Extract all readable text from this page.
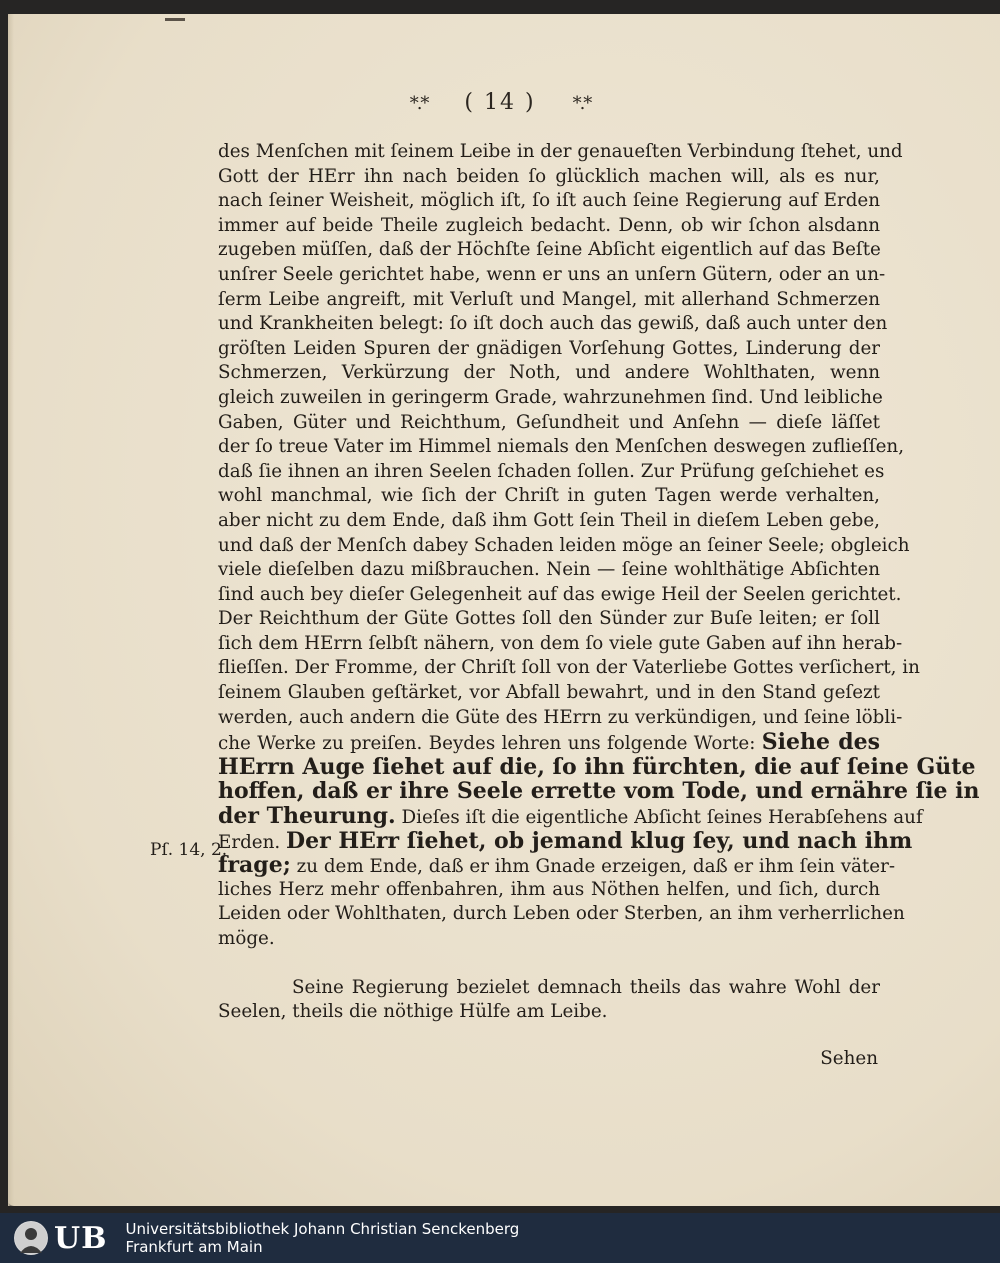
*.* ( 14 ) *.*
des Menſchen mit ſeinem Leibe in der genaueſten Verbindung ſtehet, und
Gott der HErr ihn nach beiden ſo glücklich machen will, als es nur,
nach ſeiner Weisheit, möglich iſt, ſo iſt auch ſeine Regierung auf Erden
immer auf beide Theile zugleich bedacht. Denn, ob wir ſchon alsdann
zugeben müſſen, daß der Höchſte ſeine Abſicht eigentlich auf das Beſte
unſrer Seele gerichtet habe, wenn er uns an unſern Gütern, oder an un-
ſerm Leibe angreift, mit Verluſt und Mangel, mit allerhand Schmerzen
und Krankheiten belegt: ſo iſt doch auch das gewiß, daß auch unter den
gröſten Leiden Spuren der gnädigen Vorſehung Gottes, Linderung der
Schmerzen, Verkürzung der Noth, und andere Wohlthaten, wenn
gleich zuweilen in geringerm Grade, wahrzunehmen ſind. Und leibliche
Gaben, Güter und Reichthum, Geſundheit und Anſehn — dieſe läſſet
der ſo treue Vater im Himmel niemals den Menſchen deswegen zuflieſſen,
daß ſie ihnen an ihren Seelen ſchaden ſollen. Zur Prüfung geſchiehet es
wohl manchmal, wie ſich der Chriſt in guten Tagen werde verhalten,
aber nicht zu dem Ende, daß ihm Gott ſein Theil in dieſem Leben gebe,
und daß der Menſch dabey Schaden leiden möge an ſeiner Seele; obgleich
viele dieſelben dazu mißbrauchen. Nein — ſeine wohlthätige Abſichten
ſind auch bey dieſer Gelegenheit auf das ewige Heil der Seelen gerichtet.
Der Reichthum der Güte Gottes ſoll den Sünder zur Buſe leiten; er ſoll
ſich dem HErrn ſelbſt nähern, von dem ſo viele gute Gaben auf ihn herab-
flieſſen. Der Fromme, der Chriſt ſoll von der Vaterliebe Gottes verſichert, in
ſeinem Glauben geſtärket, vor Abfall bewahrt, und in den Stand geſezt
werden, auch andern die Güte des HErrn zu verkündigen, und ſeine löbli-
che Werke zu preiſen. Beydes lehren uns folgende Worte: Siehe des
HErrn Auge ſiehet auf die, ſo ihn fürchten, die auf ſeine Güte
hoffen, daß er ihre Seele errette vom Tode, und ernähre ſie in
der Theurung. Dieſes iſt die eigentliche Abſicht ſeines Herabſehens auf
Erden. Der HErr ſiehet, ob jemand klug ſey, und nach ihm
frage; zu dem Ende, daß er ihm Gnade erzeigen, daß er ihm ſein väter-
liches Herz mehr offenbahren, ihm aus Nöthen helfen, und ſich, durch
Leiden oder Wohlthaten, durch Leben oder Sterben, an ihm verherrlichen
möge.
Seine Regierung bezielet demnach theils das wahre Wohl der
Seelen, theils die nöthige Hülfe am Leibe.
Pſ. 14, 2.
Sehen
UB Universitätsbibliothek Johann Christian Senckenberg
Frankfurt am Main
